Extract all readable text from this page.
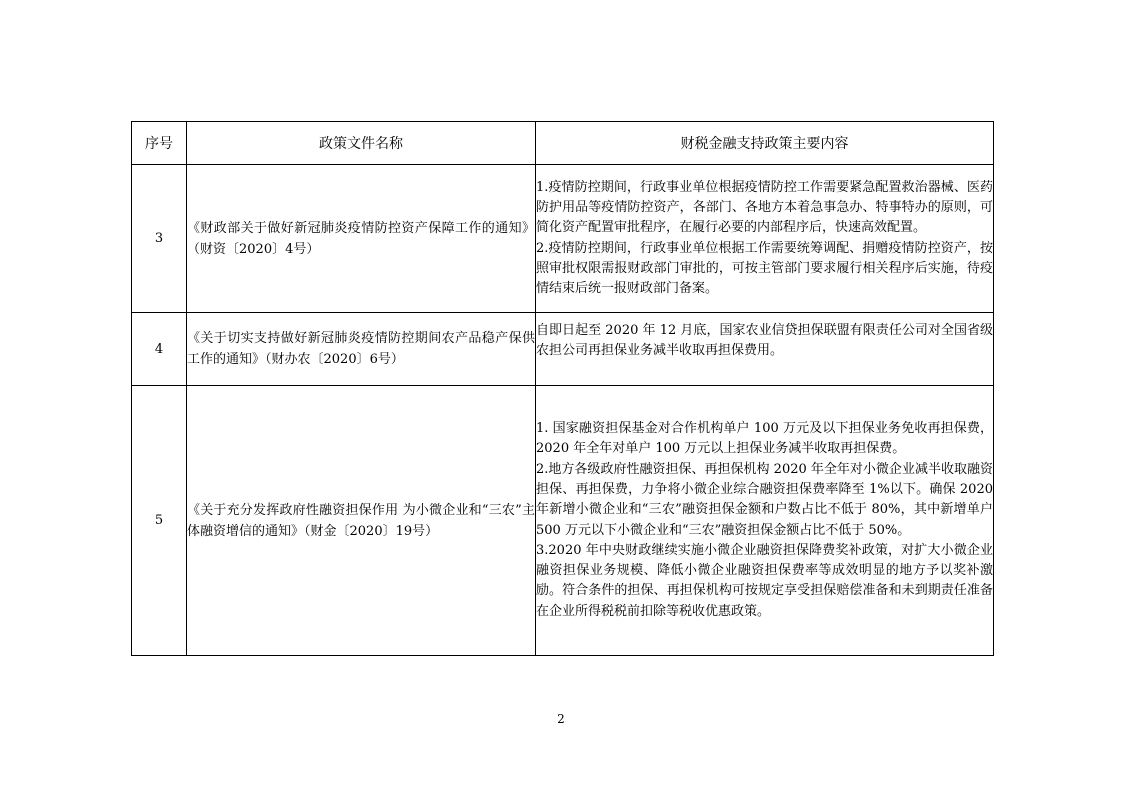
序号	政策文件名称	财税金融支持政策主要内容
3	《财政部关于做好新冠肺炎疫情防控资产保障工作的通知》（财资〔2020〕4号）	1.疫情防控期间，行政事业单位根据疫情防控工作需要紧急配置救治器械、医药防护用品等疫情防控资产，各部门、各地方本着急事急办、特事特办的原则，可简化资产配置审批程序，在履行必要的内部程序后，快速高效配置。

2.疫情防控期间，行政事业单位根据工作需要统筹调配、捐赠疫情防控资产，按照审批权限需报财政部门审批的，可按主管部门要求履行相关程序后实施，待疫情结束后统一报财政部门备案。

4	《关于切实支持做好新冠肺炎疫情防控期间农产品稳产保供工作的通知》（财办农〔2020〕6号）	自即日起至 2020 年 12 月底，国家农业信贷担保联盟有限责任公司对全国省级农担公司再担保业务减半收取再担保费用。

5	《关于充分发挥政府性融资担保作用 为小微企业和“三农”主体融资增信的通知》（财金〔2020〕19号）	1. 国家融资担保基金对合作机构单户 100 万元及以下担保业务免收再担保费，2020 年全年对单户 100 万元以上担保业务减半收取再担保费。

2.地方各级政府性融资担保、再担保机构 2020 年全年对小微企业减半收取融资担保、再担保费，力争将小微企业综合融资担保费率降至 1%以下。确保 2020 年新增小微企业和“三农”融资担保金额和户数占比不低于 80%，其中新增单户 500 万元以下小微企业和“三农”融资担保金额占比不低于 50%。

3.2020 年中央财政继续实施小微企业融资担保降费奖补政策，对扩大小微企业融资担保业务规模、降低小微企业融资担保费率等成效明显的地方予以奖补激励。符合条件的担保、再担保机构可按规定享受担保赔偿准备和未到期责任准备在企业所得税税前扣除等税收优惠政策。

2
